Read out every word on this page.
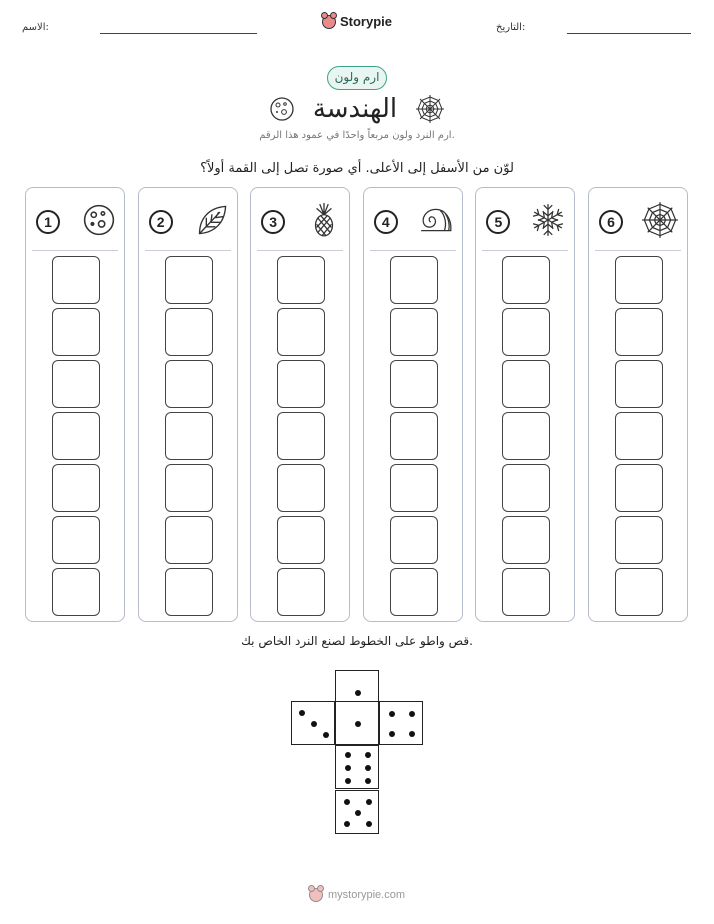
الاسم:	Storypie	التاريخ:
ارم ولون
الهندسة
ارم النرد ولون مربعاً واحدًا في عمود هذا الرقم.
لوّن من الأسفل إلى الأعلى. أي صورة تصل إلى القمة أولاً؟
1	2	3	4	5	6
قص واطو على الخطوط لصنع النرد الخاص بك.
mystorypie.com
